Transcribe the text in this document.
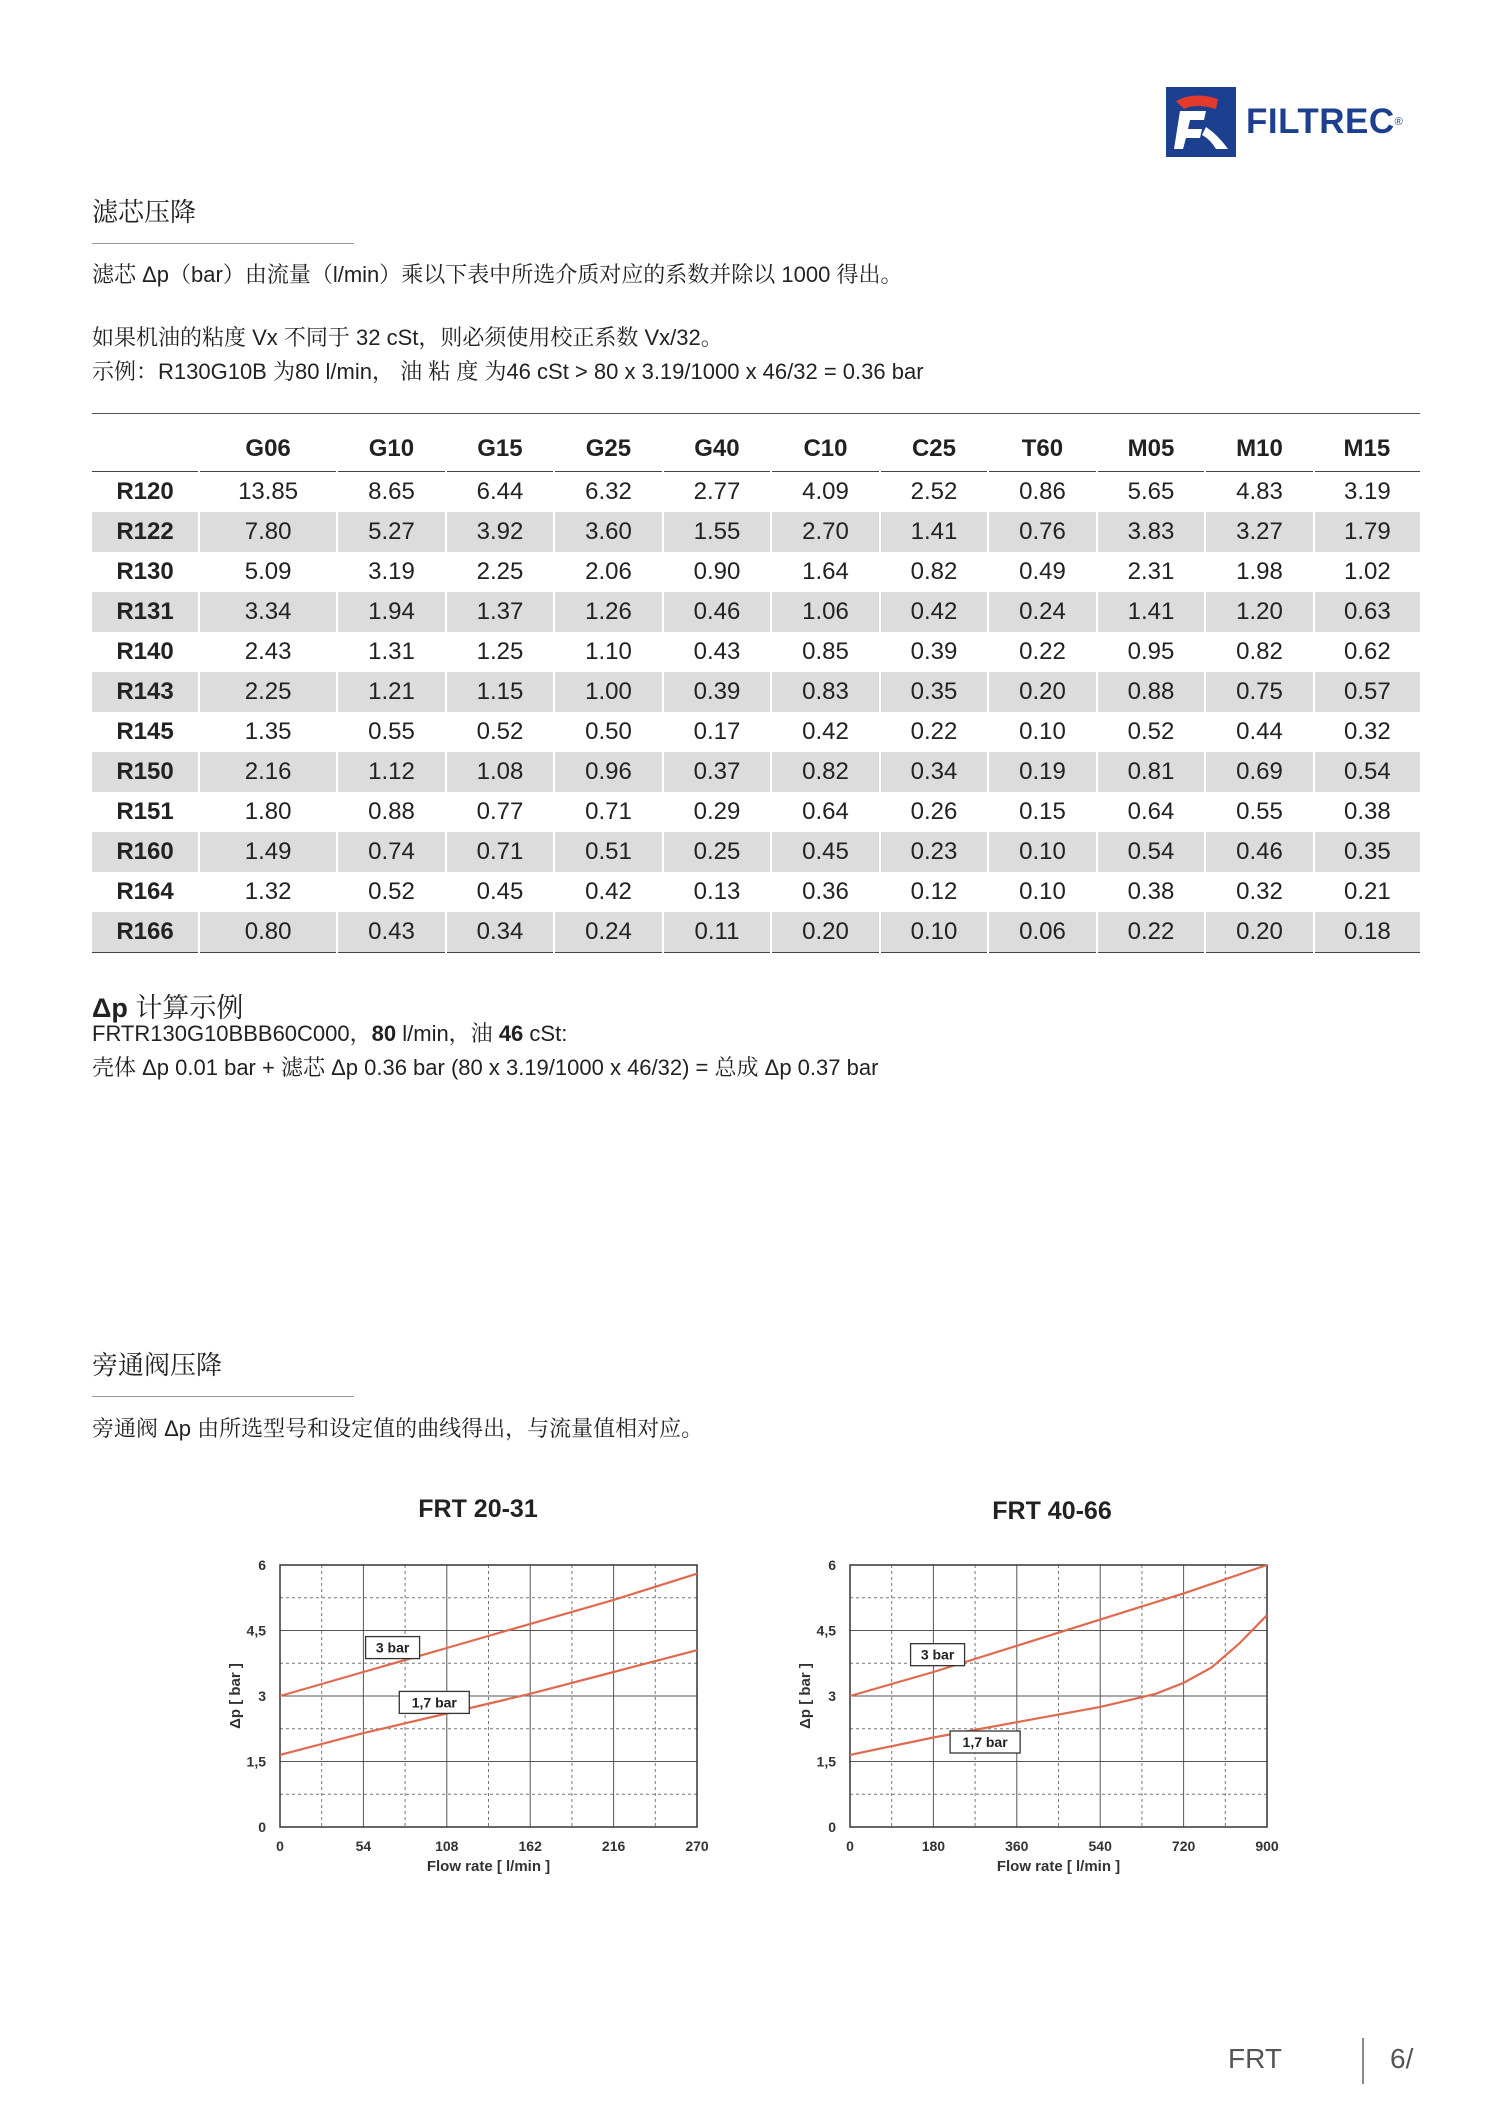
FILTREC ®
滤芯压降
滤芯 Δp（bar）由流量（l/min）乘以下表中所选介质对应的系数并除以 1000 得出。
如果机油的粘度 Vx 不同于 32 cSt，则必须使用校正系数 Vx/32。
示例：R130G10B 为80 l/min， 油 粘 度 为46 cSt > 80 x 3.19/1000 x 46/32 = 0.36 bar
	G06	G10	G15	G25	G40	C10	C25	T60	M05	M10	M15
R120	13.85	8.65	6.44	6.32	2.77	4.09	2.52	0.86	5.65	4.83	3.19
R122	7.80	5.27	3.92	3.60	1.55	2.70	1.41	0.76	3.83	3.27	1.79
R130	5.09	3.19	2.25	2.06	0.90	1.64	0.82	0.49	2.31	1.98	1.02
R131	3.34	1.94	1.37	1.26	0.46	1.06	0.42	0.24	1.41	1.20	0.63
R140	2.43	1.31	1.25	1.10	0.43	0.85	0.39	0.22	0.95	0.82	0.62
R143	2.25	1.21	1.15	1.00	0.39	0.83	0.35	0.20	0.88	0.75	0.57
R145	1.35	0.55	0.52	0.50	0.17	0.42	0.22	0.10	0.52	0.44	0.32
R150	2.16	1.12	1.08	0.96	0.37	0.82	0.34	0.19	0.81	0.69	0.54
R151	1.80	0.88	0.77	0.71	0.29	0.64	0.26	0.15	0.64	0.55	0.38
R160	1.49	0.74	0.71	0.51	0.25	0.45	0.23	0.10	0.54	0.46	0.35
R164	1.32	0.52	0.45	0.42	0.13	0.36	0.12	0.10	0.38	0.32	0.21
R166	0.80	0.43	0.34	0.24	0.11	0.20	0.10	0.06	0.22	0.20	0.18
Δp 计算示例
FRTR130G10BBB60C000，80 l/min，油 46 cSt:
壳体 Δp 0.01 bar + 滤芯 Δp 0.36 bar (80 x 3.19/1000 x 46/32) = 总成 Δp 0.37 bar
旁通阀压降
旁通阀 Δp 由所选型号和设定值的曲线得出，与流量值相对应。
FRT 20-31	FRT 40-66
0	54	108	162	216	270
0
1,5
3
4,5
6
Flow rate [ l/min ]
Δp [ bar ]
3 bar
1,7 bar
0	180	360	540	720	900
0
1,5
3
4,5
6
Flow rate [ l/min ]
Δp [ bar ]
3 bar
1,7 bar
FRT	6/
